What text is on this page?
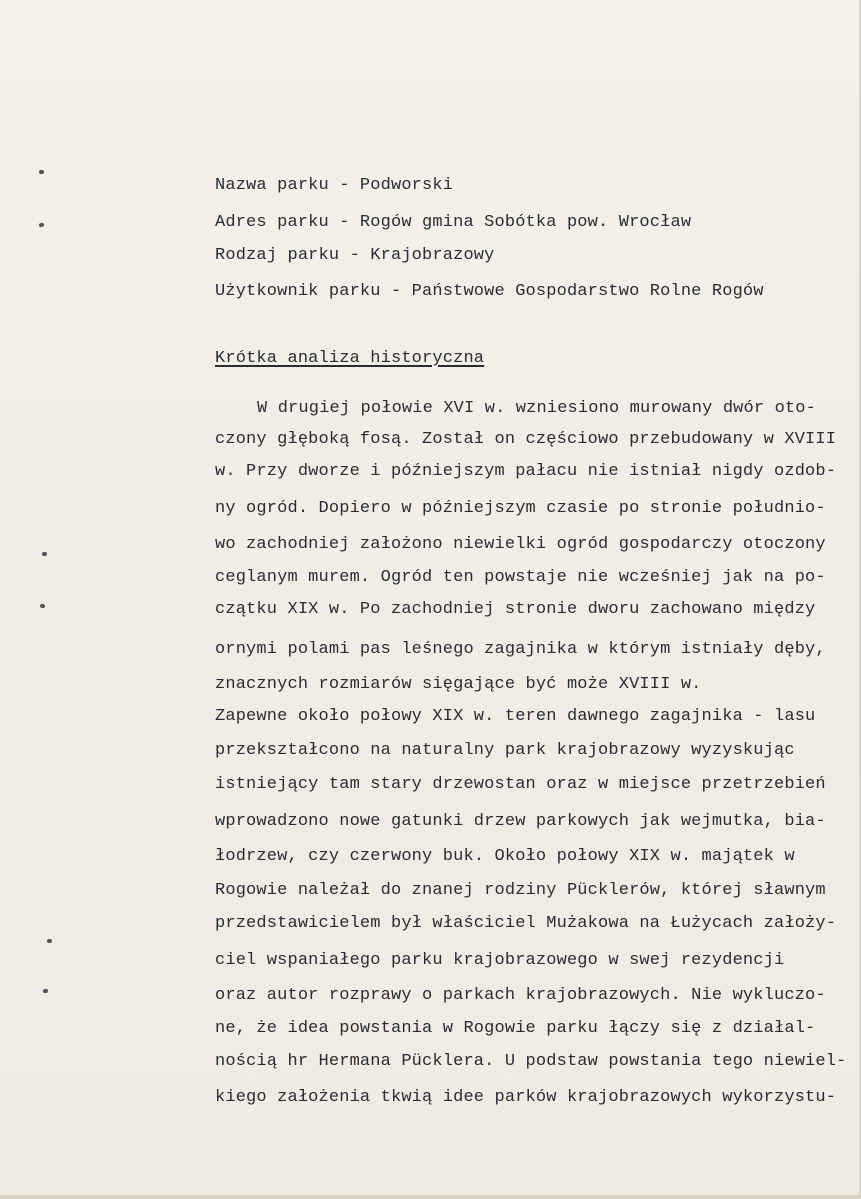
Nazwa parku - Podworski
Adres parku - Rogów gmina Sobótka pow. Wrocław
Rodzaj parku - Krajobrazowy
Użytkownik parku - Państwowe Gospodarstwo Rolne Rogów
Krótka analiza historyczna
W drugiej połowie XVI w. wzniesiono murowany dwór oto-
czony głęboką fosą. Został on częściowo przebudowany w XVIII
w. Przy dworze i późniejszym pałacu nie istniał nigdy ozdob-
ny ogród. Dopiero w późniejszym czasie po stronie południo-
wo zachodniej założono niewielki ogród gospodarczy otoczony
ceglanym murem. Ogród ten powstaje nie wcześniej jak na po-
czątku XIX w. Po zachodniej stronie dworu zachowano między
ornymi polami pas leśnego zagajnika w którym istniały dęby,
znacznych rozmiarów sięgające być może XVIII w.
Zapewne około połowy XIX w. teren dawnego zagajnika - lasu
przekształcono na naturalny park krajobrazowy wyzyskując
istniejący tam stary drzewostan oraz w miejsce przetrzebień
wprowadzono nowe gatunki drzew parkowych jak wejmutka, bia-
łodrzew, czy czerwony buk. Około połowy XIX w. majątek w
Rogowie należał do znanej rodziny Pücklerów, której sławnym
przedstawicielem był właściciel Mużakowa na Łużycach założy-
ciel wspaniałego parku krajobrazowego w swej rezydencji
oraz autor rozprawy o parkach krajobrazowych. Nie wykluczo-
ne, że idea powstania w Rogowie parku łączy się z działal-
nością hr Hermana Pücklera. U podstaw powstania tego niewiel-
kiego założenia tkwią idee parków krajobrazowych wykorzystu-
